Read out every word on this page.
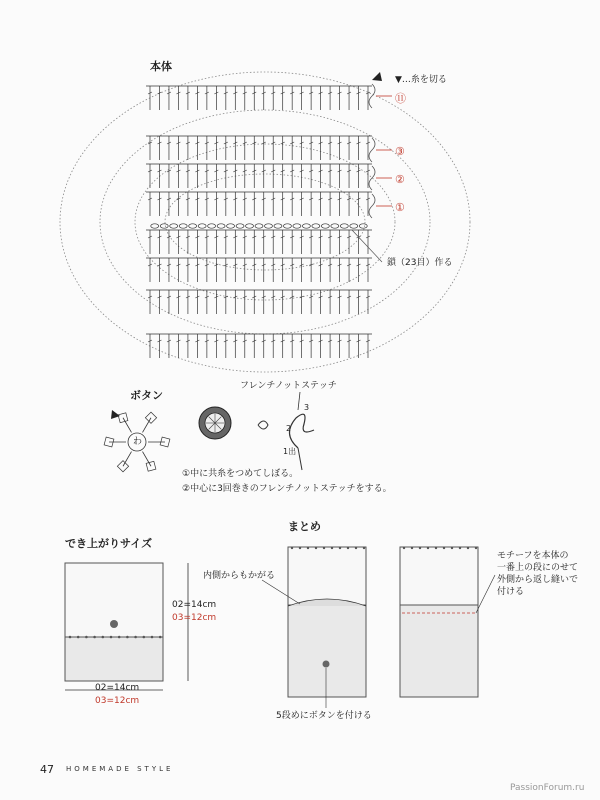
本体
▼…糸を切る
⑪
③
②
①
鎖（23目）作る
ボタン
フレンチノットステッチ
わ
3
2
1出
①中に共糸をつめてしぼる。
②中心に3回巻きのフレンチノットステッチをする。
でき上がりサイズ
02=14cm
03=12cm
02=14cm
03=12cm
まとめ
内側からもかがる
5段めにボタンを付ける
モチーフを本体の
一番上の段にのせて
外側から返し縫いで
付ける
47 HOMEMADE STYLE
PassionForum.ru
